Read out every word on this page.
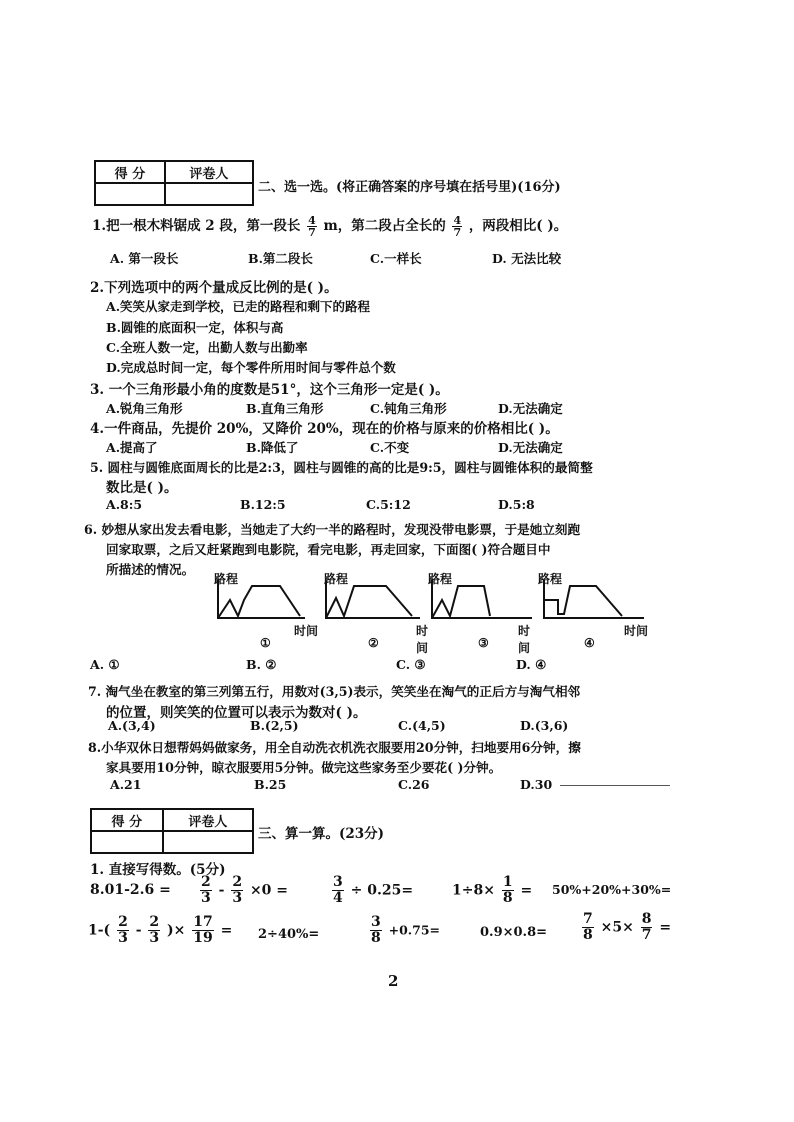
得 分	评卷人

二、选一选。(将正确答案的序号填在括号里)(16分)
1.把一根木料锯成 2 段，第一段长 $\frac{4}{7}$ m，第二段占全长的 $\frac{4}{7}$ ，两段相比( )。
A. 第一段长	B.第二段长	C.一样长	D. 无法比较
2.下列选项中的两个量成反比例的是( )。
A.笑笑从家走到学校，已走的路程和剩下的路程
B.圆锥的底面积一定，体积与高
C.全班人数一定，出勤人数与出勤率
D.完成总时间一定，每个零件所用时间与零件总个数
3. 一个三角形最小角的度数是51°，这个三角形一定是( )。
A.锐角三角形	B.直角三角形	C.钝角三角形	D.无法确定
4.一件商品，先提价 20%，又降价 20%，现在的价格与原来的价格相比( )。
A.提高了	B.降低了	C.不变	D.无法确定
5. 圆柱与圆锥底面周长的比是2:3，圆柱与圆锥的高的比是9:5，圆柱与圆锥体积的最简整
数比是( )。
A.8:5	B.12:5	C.5:12	D.5:8
6. 妙想从家出发去看电影，当她走了大约一半的路程时，发现没带电影票，于是她立刻跑
回家取票，之后又赶紧跑到电影院，看完电影，再走回家，下面图( )符合题目中
所描述的情况。
路程
时间
①
路程
时间
②
路程
时间
③
路程
时间
④
A. ①	B. ②	C. ③	D. ④
7. 淘气坐在教室的第三列第五行，用数对(3,5)表示，笑笑坐在淘气的正后方与淘气相邻
的位置，则笑笑的位置可以表示为数对( )。
A.(3,4)	B.(2,5)	C.(4,5)	D.(3,6)
8.小华双休日想帮妈妈做家务，用全自动洗衣机洗衣服要用20分钟，扫地要用6分钟，擦
家具要用10分钟，晾衣服要用5分钟。做完这些家务至少要花( )分钟。
A.21	B.25	C.26	D.30
得 分	评卷人

三、算一算。(23分)
1. 直接写得数。(5分)
$8.01-2.6 = \frac{2}{3} - \frac{2}{3} \times 0$ =	$\frac{3}{4} \div 0.25=$	$1\div 8\times \frac{1}{8} = 50\%+20\%+30\%=$
$1-( \frac{2}{3} - \frac{2}{3}$ )× $\frac{17}{19} = 2\div 40\%=$	$\frac{3}{8} +0.75=$	$0.9\times 0.8= \frac{7}{8} \times 5\times \frac{8}{7}$ =
2
